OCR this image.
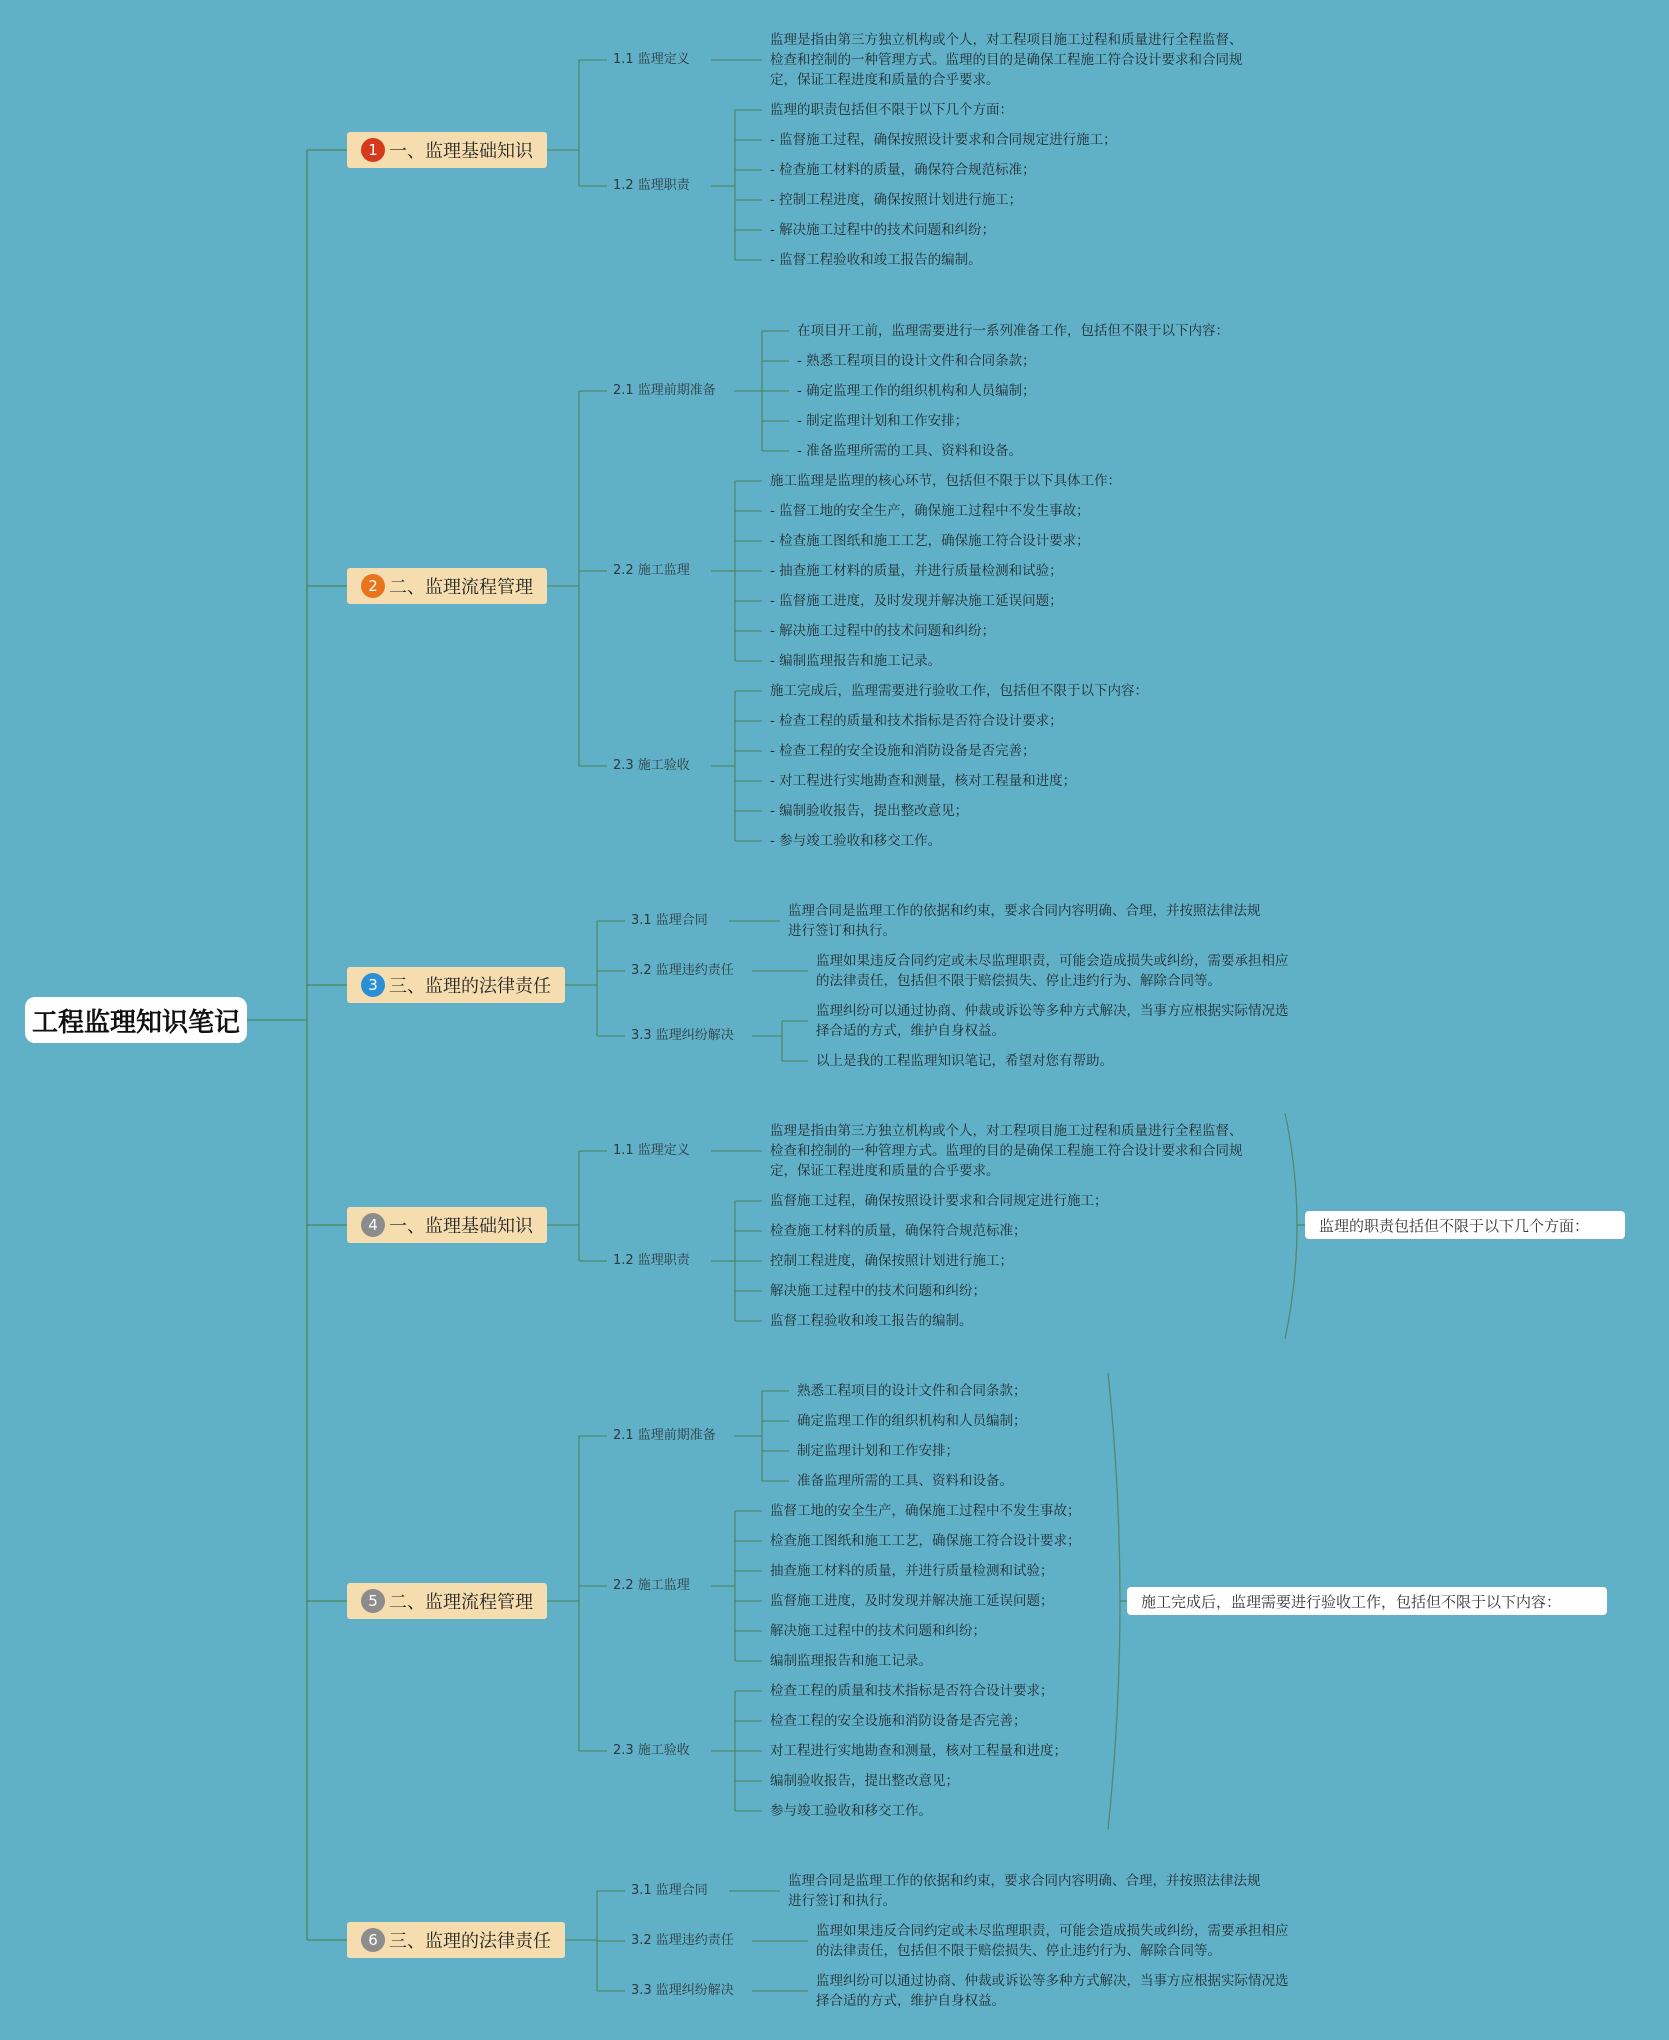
工程监理知识笔记
1 一、监理基础知识
1.1 监理定义
监理是指由第三方独立机构或个人，对工程项目施工过程和质量进行全程监督、
检查和控制的一种管理方式。监理的目的是确保工程施工符合设计要求和合同规
定，保证工程进度和质量的合乎要求。
1.2 监理职责
监理的职责包括但不限于以下几个方面：
- 监督施工过程，确保按照设计要求和合同规定进行施工；
- 检查施工材料的质量，确保符合规范标准；
- 控制工程进度，确保按照计划进行施工；
- 解决施工过程中的技术问题和纠纷；
- 监督工程验收和竣工报告的编制。
2 二、监理流程管理
2.1 监理前期准备
在项目开工前，监理需要进行一系列准备工作，包括但不限于以下内容：
- 熟悉工程项目的设计文件和合同条款；
- 确定监理工作的组织机构和人员编制；
- 制定监理计划和工作安排；
- 准备监理所需的工具、资料和设备。
2.2 施工监理
施工监理是监理的核心环节，包括但不限于以下具体工作：
- 监督工地的安全生产，确保施工过程中不发生事故；
- 检查施工图纸和施工工艺，确保施工符合设计要求；
- 抽查施工材料的质量，并进行质量检测和试验；
- 监督施工进度，及时发现并解决施工延误问题；
- 解决施工过程中的技术问题和纠纷；
- 编制监理报告和施工记录。
2.3 施工验收
施工完成后，监理需要进行验收工作，包括但不限于以下内容：
- 检查工程的质量和技术指标是否符合设计要求；
- 检查工程的安全设施和消防设备是否完善；
- 对工程进行实地勘查和测量，核对工程量和进度；
- 编制验收报告，提出整改意见；
- 参与竣工验收和移交工作。
3 三、监理的法律责任
3.1 监理合同
监理合同是监理工作的依据和约束，要求合同内容明确、合理，并按照法律法规
进行签订和执行。
3.2 监理违约责任
监理如果违反合同约定或未尽监理职责，可能会造成损失或纠纷，需要承担相应
的法律责任，包括但不限于赔偿损失、停止违约行为、解除合同等。
3.3 监理纠纷解决
监理纠纷可以通过协商、仲裁或诉讼等多种方式解决，当事方应根据实际情况选
择合适的方式，维护自身权益。
以上是我的工程监理知识笔记，希望对您有帮助。
4 一、监理基础知识
1.1 监理定义
监理是指由第三方独立机构或个人，对工程项目施工过程和质量进行全程监督、
检查和控制的一种管理方式。监理的目的是确保工程施工符合设计要求和合同规
定，保证工程进度和质量的合乎要求。
1.2 监理职责
监督施工过程，确保按照设计要求和合同规定进行施工；
检查施工材料的质量，确保符合规范标准；
控制工程进度，确保按照计划进行施工；
解决施工过程中的技术问题和纠纷；
监督工程验收和竣工报告的编制。
监理的职责包括但不限于以下几个方面：
5 二、监理流程管理
2.1 监理前期准备
熟悉工程项目的设计文件和合同条款；
确定监理工作的组织机构和人员编制；
制定监理计划和工作安排；
准备监理所需的工具、资料和设备。
2.2 施工监理
监督工地的安全生产，确保施工过程中不发生事故；
检查施工图纸和施工工艺，确保施工符合设计要求；
抽查施工材料的质量，并进行质量检测和试验；
监督施工进度，及时发现并解决施工延误问题；
解决施工过程中的技术问题和纠纷；
编制监理报告和施工记录。
2.3 施工验收
检查工程的质量和技术指标是否符合设计要求；
检查工程的安全设施和消防设备是否完善；
对工程进行实地勘查和测量，核对工程量和进度；
编制验收报告，提出整改意见；
参与竣工验收和移交工作。
施工完成后，监理需要进行验收工作，包括但不限于以下内容：
6 三、监理的法律责任
3.1 监理合同
监理合同是监理工作的依据和约束，要求合同内容明确、合理，并按照法律法规
进行签订和执行。
3.2 监理违约责任
监理如果违反合同约定或未尽监理职责，可能会造成损失或纠纷，需要承担相应
的法律责任，包括但不限于赔偿损失、停止违约行为、解除合同等。
3.3 监理纠纷解决
监理纠纷可以通过协商、仲裁或诉讼等多种方式解决，当事方应根据实际情况选
择合适的方式，维护自身权益。
